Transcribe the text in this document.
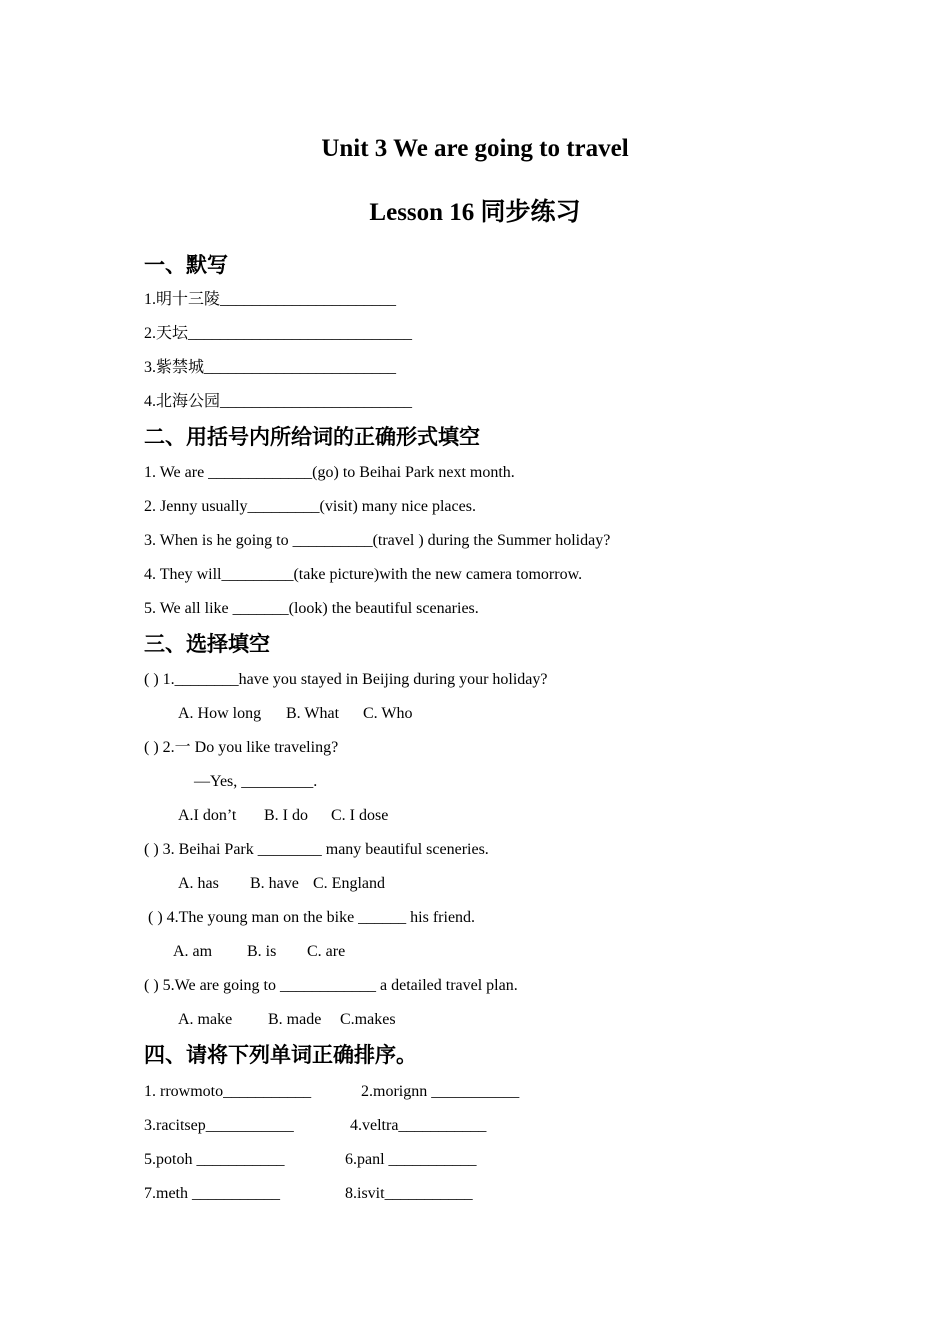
Unit 3 We are going to travel
Lesson 16 同步练习
一、默写
1.明十三陵______________________
2.天坛____________________________
3.紫禁城________________________
4.北海公园________________________
二、用括号内所给词的正确形式填空
1. We are _____________(go) to Beihai Park next month.
2. Jenny usually_________(visit) many nice places.
3. When is he going to __________(travel ) during the Summer holiday?
4. They will_________(take picture)with the new camera tomorrow.
5. We all like _______(look) the beautiful scenaries.
三、选择填空
( ) 1.________have you stayed in Beijing during your holiday?
A. How long B. What C. Who
( ) 2.一 Do you like traveling?
—Yes, _________.
A.I don’t B. I do C. I dose
( ) 3. Beihai Park ________ many beautiful sceneries.
A. has B. have C. England
( ) 4.The young man on the bike ______ his friend.
A. am B. is C. are
( ) 5.We are going to ____________ a detailed travel plan.
A. make B. made C.makes
四、请将下列单词正确排序。
1. rrowmoto___________	2.morignn ___________
3.racitsep___________	4.veltra___________
5.potoh ___________	6.panl ___________
7.meth ___________	8.isvit___________
